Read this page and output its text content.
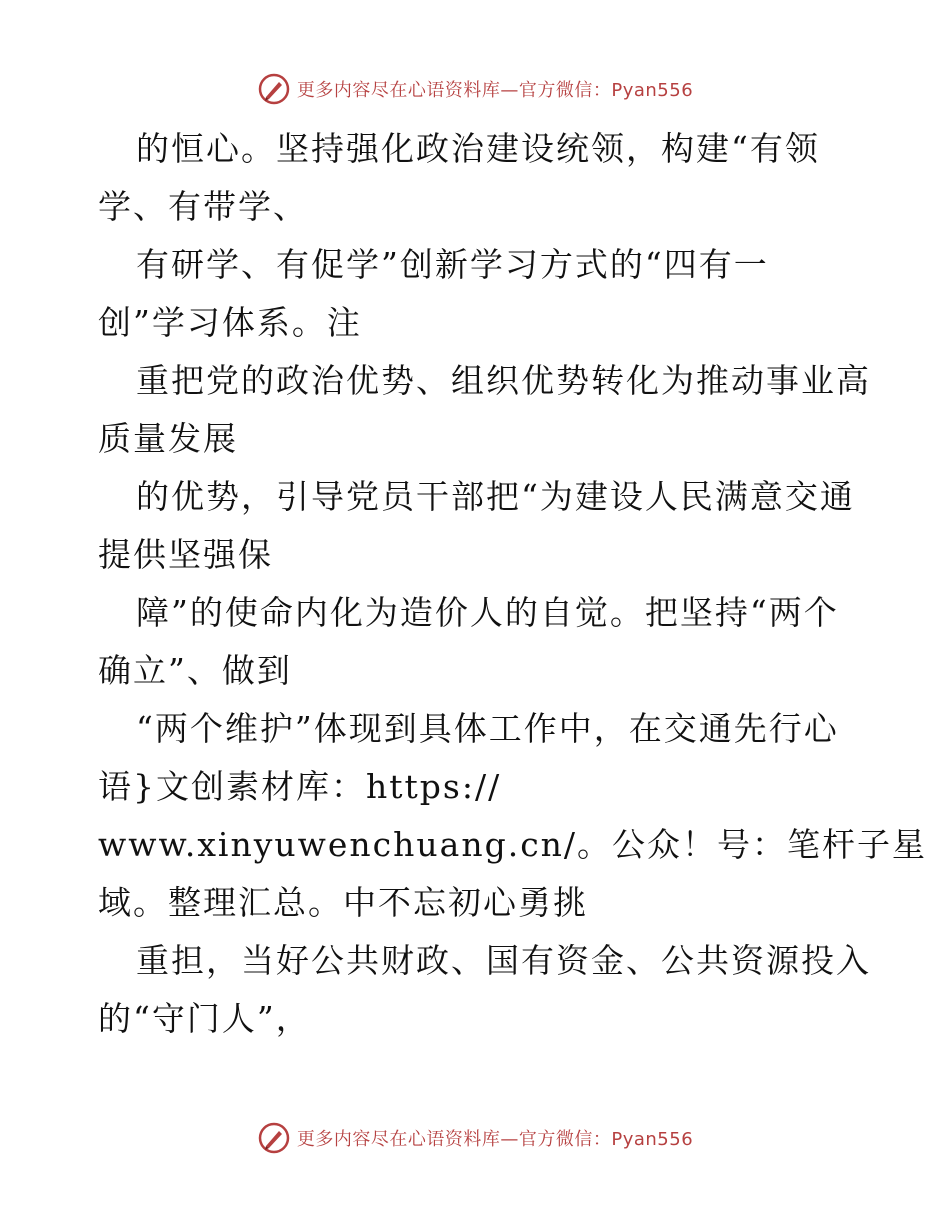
更多内容尽在心语资料库—官方微信：Pyan556
的恒心。坚持强化政治建设统领，构建“有领
学、有带学、
有研学、有促学”创新学习方式的“四有一
创”学习体系。注
重把党的政治优势、组织优势转化为推动事业高
质量发展
的优势，引导党员干部把“为建设人民满意交通
提供坚强保
障”的使命内化为造价人的自觉。把坚持“两个
确立”、做到
“两个维护”体现到具体工作中，在交通先行心
语}文创素材库：https://
www.xinyuwenchuang.cn/。公众！号：笔杆子星
域。整理汇总。中不忘初心勇挑
重担，当好公共财政、国有资金、公共资源投入
的“守门人”，
更多内容尽在心语资料库—官方微信：Pyan556
